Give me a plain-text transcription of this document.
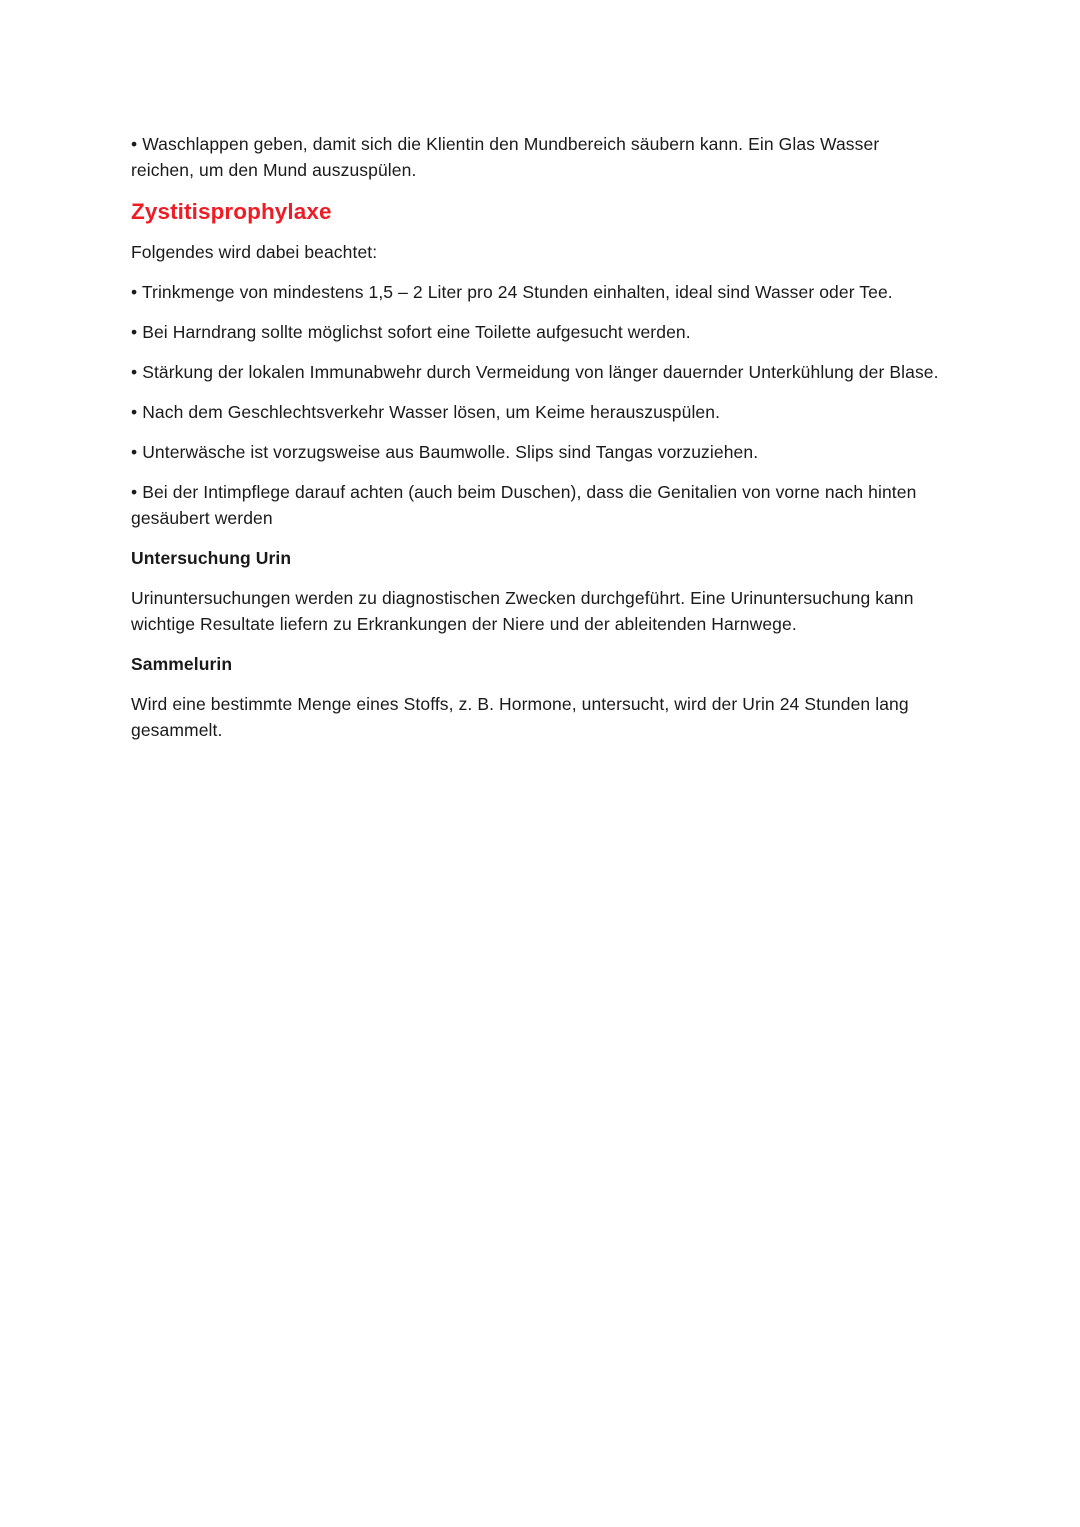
• Waschlappen geben, damit sich die Klientin den Mundbereich säubern kann. Ein Glas Wasser reichen, um den Mund auszuspülen.

Zystitisprophylaxe

Folgendes wird dabei beachtet:

• Trinkmenge von mindestens 1,5 – 2 Liter pro 24 Stunden einhalten, ideal sind Wasser oder Tee.

• Bei Harndrang sollte möglichst sofort eine Toilette aufgesucht werden.

• Stärkung der lokalen Immunabwehr durch Vermeidung von länger dauernder Unterkühlung der Blase.

• Nach dem Geschlechtsverkehr Wasser lösen, um Keime herauszuspülen.

• Unterwäsche ist vorzugsweise aus Baumwolle. Slips sind Tangas vorzuziehen.

• Bei der Intimpflege darauf achten (auch beim Duschen), dass die Genitalien von vorne nach hinten gesäubert werden

Untersuchung Urin

Urinuntersuchungen werden zu diagnostischen Zwecken durchgeführt. Eine Urinuntersuchung kann wichtige Resultate liefern zu Erkrankungen der Niere und der ableitenden Harnwege.

Sammelurin

Wird eine bestimmte Menge eines Stoffs, z. B. Hormone, untersucht, wird der Urin 24 Stunden lang gesammelt.
